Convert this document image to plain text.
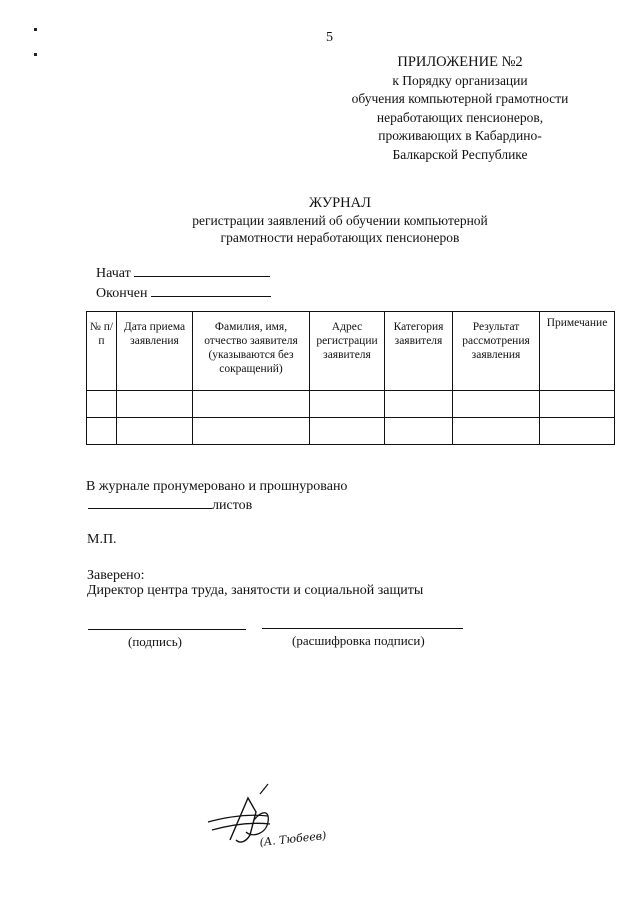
5
ПРИЛОЖЕНИЕ №2
к Порядку организации
обучения компьютерной грамотности
неработающих пенсионеров,
проживающих в Кабардино-
Балкарской Республике
ЖУРНАЛ
регистрации заявлений об обучении компьютерной
грамотности неработающих пенсионеров
Начат
Окончен
№ п/п	Дата приема заявления	Фамилия, имя, отчество заявителя (указываются без сокращений)	Адрес регистрации заявителя	Категория заявителя	Результат рассмотрения заявления	Примечание

В журнале пронумеровано и прошнуровано
листов
М.П.
Заверено:
Директор центра труда, занятости и социальной защиты
(подпись)	(расшифровка подписи)
(А. Тюбеев)
